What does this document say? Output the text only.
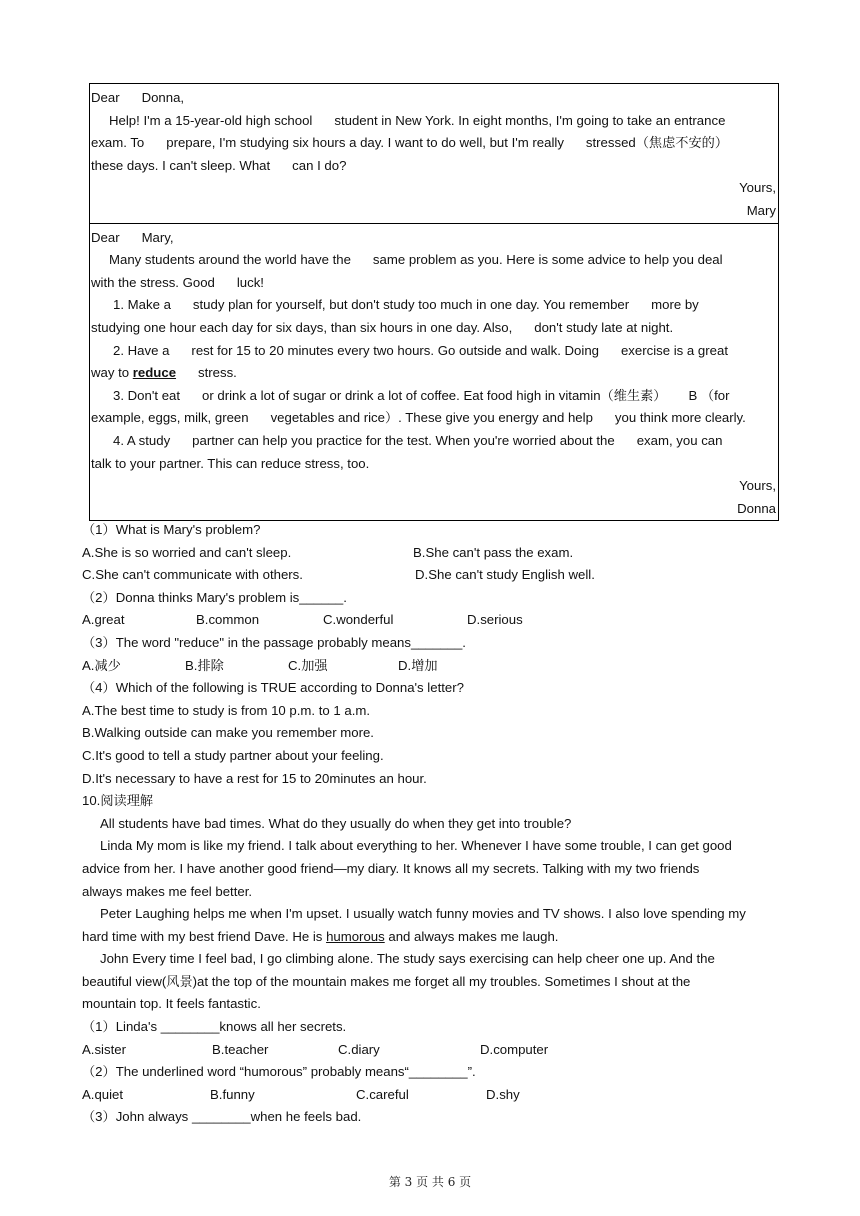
Dear      Donna,
Help! I'm a 15-year-old high school      student in New York. In eight months, I'm going to take an entrance
exam. To      prepare, I'm studying six hours a day. I want to do well, but I'm really      stressed（焦虑不安的）
these days. I can't sleep. What      can I do?
Yours,
Mary
Dear      Mary,
Many students around the world have the      same problem as you. Here is some advice to help you deal
with the stress. Good      luck!
1. Make a      study plan for yourself, but don't study too much in one day. You remember      more by
studying one hour each day for six days, than six hours in one day. Also,      don't study late at night.
2. Have a      rest for 15 to 20 minutes every two hours. Go outside and walk. Doing      exercise is a great
way to reduce      stress.
3. Don't eat      or drink a lot of sugar or drink a lot of coffee. Eat food high in vitamin（维生素）      B （for
example, eggs, milk, green      vegetables and rice）. These give you energy and help      you think more clearly.
4. A study      partner can help you practice for the test. When you're worried about the      exam, you can
talk to your partner. This can reduce stress, too.
Yours,
Donna
（1）What is Mary's problem?
A.She is so worried and can't sleep.	B.She can't pass the exam.
C.She can't communicate with others.	D.She can't study English well.
（2）Donna thinks Mary's problem is______.
A.great	B.common	C.wonderful	D.serious
（3）The word "reduce" in the passage probably means_______.
A.减少	B.排除	C.加强	D.增加
（4）Which of the following is TRUE according to Donna's letter?
A.The best time to study is from 10 p.m. to 1 a.m.
B.Walking outside can make you remember more.
C.It's good to tell a study partner about your feeling.
D.It's necessary to have a rest for 15 to 20minutes an hour.
10.阅读理解
All students have bad times. What do they usually do when they get into trouble?
Linda My mom is like my friend. I talk about everything to her. Whenever I have some trouble, I can get good
advice from her. I have another good friend—my diary. It knows all my secrets. Talking with my two friends
always makes me feel better.
Peter Laughing helps me when I'm upset. I usually watch funny movies and TV shows. I also love spending my
hard time with my best friend Dave. He is humorous and always makes me laugh.
John Every time I feel bad, I go climbing alone. The study says exercising can help cheer one up. And the
beautiful view(风景)at the top of the mountain makes me forget all my troubles. Sometimes I shout at the
mountain top. It feels fantastic.
（1）Linda's ________knows all her secrets.
A.sister	B.teacher	C.diary	D.computer
（2）The underlined word “humorous” probably means“________”.
A.quiet	B.funny	C.careful	D.shy
（3）John always ________when he feels bad.
第 3 页 共 6 页
